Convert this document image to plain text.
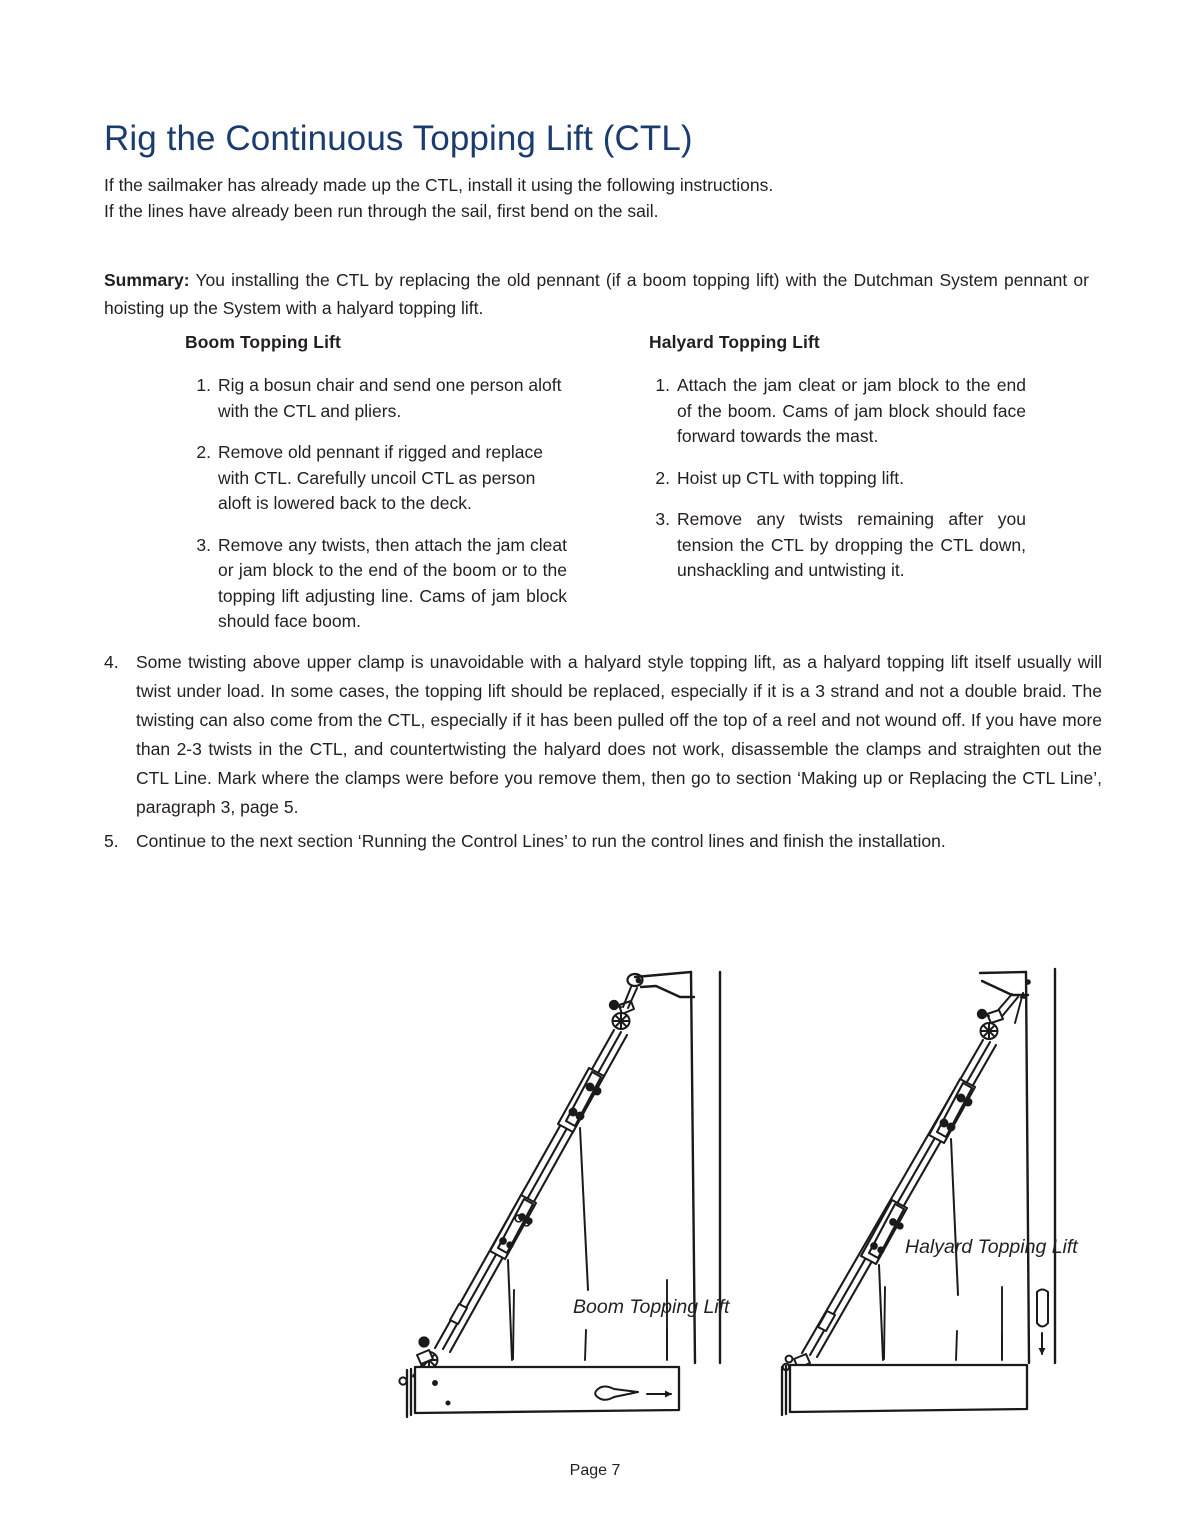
Rig the Continuous Topping Lift (CTL)
If the sailmaker has already made up the CTL, install it using the following instructions.
If the lines have already been run through the sail, first bend on the sail.

Summary: You installing the CTL by replacing the old pennant (if a boom topping lift) with the Dutchman System pennant or hoisting up the System with a halyard topping lift.

Boom Topping Lift
1. Rig a bosun chair and send one person aloft with the CTL and pliers.
2. Remove old pennant if rigged and replace with CTL. Carefully uncoil CTL as person aloft is lowered back to the deck.
3. Remove any twists, then attach the jam cleat or jam block to the end of the boom or to the topping lift adjusting line. Cams of jam block should face boom.
Halyard Topping Lift
1. Attach the jam cleat or jam block to the end of the boom. Cams of jam block should face forward towards the mast.
2. Hoist up CTL with topping lift.
3. Remove any twists remaining after you tension the CTL by dropping the CTL down, unshackling and untwisting it.
4. Some twisting above upper clamp is unavoidable with a halyard style topping lift, as a halyard topping lift itself usually will twist under load. In some cases, the topping lift should be replaced, especially if it is a 3 strand and not a double braid. The twisting can also come from the CTL, especially if it has been pulled off the top of a reel and not wound off. If you have more than 2-3 twists in the CTL, and countertwisting the halyard does not work, disassemble the clamps and straighten out the CTL Line. Mark where the clamps were before you remove them, then go to section ‘Making up or Replacing the CTL Line’, paragraph 3, page 5.
5. Continue to the next section ‘Running the Control Lines’ to run the control lines and finish the installation.
Boom Topping Lift
Halyard Topping Lift
Page 7
